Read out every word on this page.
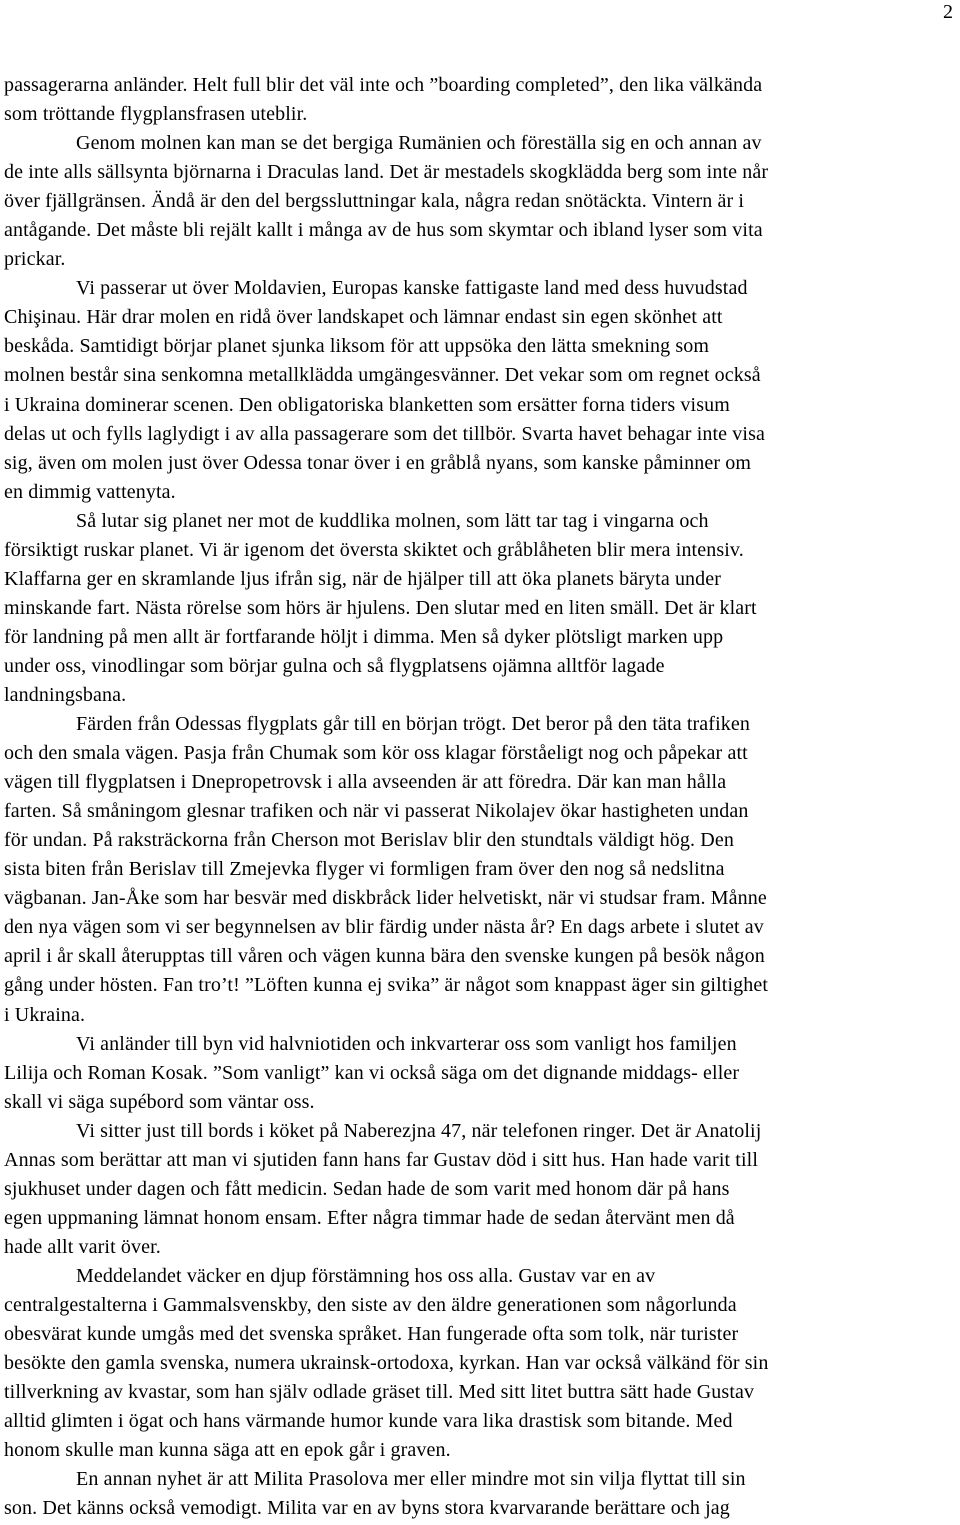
2
passagerarna anländer. Helt full blir det väl inte och ”boarding completed”, den lika välkända
som tröttande flygplansfrasen uteblir.
Genom molnen kan man se det bergiga Rumänien och föreställa sig en och annan av
de inte alls sällsynta björnarna i Draculas land. Det är mestadels skogklädda berg som inte når
över fjällgränsen. Ändå är den del bergssluttningar kala, några redan snötäckta. Vintern är i
antågande. Det måste bli rejält kallt i många av de hus som skymtar och ibland lyser som vita
prickar.
Vi passerar ut över Moldavien, Europas kanske fattigaste land med dess huvudstad
Chişinau. Här drar molen en ridå över landskapet och lämnar endast sin egen skönhet att
beskåda. Samtidigt börjar planet sjunka liksom för att uppsöka den lätta smekning som
molnen består sina senkomna metallklädda umgängesvänner. Det vekar som om regnet också
i Ukraina dominerar scenen. Den obligatoriska blanketten som ersätter forna tiders visum
delas ut och fylls laglydigt i av alla passagerare som det tillbör. Svarta havet behagar inte visa
sig, även om molen just över Odessa tonar över i en gråblå nyans, som kanske påminner om
en dimmig vattenyta.
Så lutar sig planet ner mot de kuddlika molnen, som lätt tar tag i vingarna och
försiktigt ruskar planet. Vi är igenom det översta skiktet och gråblåheten blir mera intensiv.
Klaffarna ger en skramlande ljus ifrån sig, när de hjälper till att öka planets bäryta under
minskande fart. Nästa rörelse som hörs är hjulens. Den slutar med en liten smäll. Det är klart
för landning på men allt är fortfarande höljt i dimma. Men så dyker plötsligt marken upp
under oss, vinodlingar som börjar gulna och så flygplatsens ojämna alltför lagade
landningsbana.
Färden från Odessas flygplats går till en början trögt. Det beror på den täta trafiken
och den smala vägen. Pasja från Chumak som kör oss klagar förståeligt nog och påpekar att
vägen till flygplatsen i Dnepropetrovsk i alla avseenden är att föredra. Där kan man hålla
farten. Så småningom glesnar trafiken och när vi passerat Nikolajev ökar hastigheten undan
för undan. På raksträckorna från Cherson mot Berislav blir den stundtals väldigt hög. Den
sista biten från Berislav till Zmejevka flyger vi formligen fram över den nog så nedslitna
vägbanan. Jan-Åke som har besvär med diskbråck lider helvetiskt, när vi studsar fram. Månne
den nya vägen som vi ser begynnelsen av blir färdig under nästa år? En dags arbete i slutet av
april i år skall återupptas till våren och vägen kunna bära den svenske kungen på besök någon
gång under hösten. Fan tro’t! ”Löften kunna ej svika” är något som knappast äger sin giltighet
i Ukraina.
Vi anländer till byn vid halvniotiden och inkvarterar oss som vanligt hos familjen
Lilija och Roman Kosak. ”Som vanligt” kan vi också säga om det dignande middags- eller
skall vi säga supébord som väntar oss.
Vi sitter just till bords i köket på Naberezjna 47, när telefonen ringer. Det är Anatolij
Annas som berättar att man vi sjutiden fann hans far Gustav död i sitt hus. Han hade varit till
sjukhuset under dagen och fått medicin. Sedan hade de som varit med honom där på hans
egen uppmaning lämnat honom ensam. Efter några timmar hade de sedan återvänt men då
hade allt varit över.
Meddelandet väcker en djup förstämning hos oss alla. Gustav var en av
centralgestalterna i Gammalsvenskby, den siste av den äldre generationen som någorlunda
obesvärat kunde umgås med det svenska språket. Han fungerade ofta som tolk, när turister
besökte den gamla svenska, numera ukrainsk-ortodoxa, kyrkan. Han var också välkänd för sin
tillverkning av kvastar, som han själv odlade gräset till. Med sitt litet buttra sätt hade Gustav
alltid glimten i ögat och hans värmande humor kunde vara lika drastisk som bitande. Med
honom skulle man kunna säga att en epok går i graven.
En annan nyhet är att Milita Prasolova mer eller mindre mot sin vilja flyttat till sin
son. Det känns också vemodigt. Milita var en av byns stora kvarvarande berättare och jag
